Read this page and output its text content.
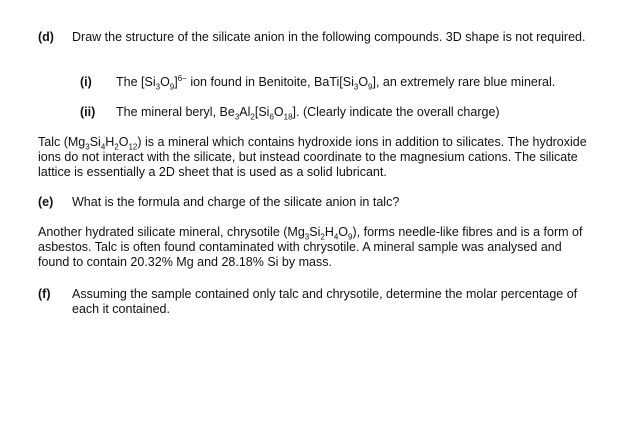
(d)	Draw the structure of the silicate anion in the following compounds. 3D shape is not required.
(i)	The $[Si_3O_9]^{6-}$ ion found in Benitoite, $BaTi[Si_3O_9]$, an extremely rare blue mineral.
(ii)	The mineral beryl, $Be_3Al_2[Si_6O_{18}]$. (Clearly indicate the overall charge)
Talc $(Mg_3Si_4H_2O_{12})$ is a mineral which contains hydroxide ions in addition to silicates. The hydroxide ions do not interact with the silicate, but instead coordinate to the magnesium cations. The silicate lattice is essentially a 2D sheet that is used as a solid lubricant.
(e)	What is the formula and charge of the silicate anion in talc?
Another hydrated silicate mineral, chrysotile $(Mg_3Si_2H_4O_9)$, forms needle-like fibres and is a form of asbestos. Talc is often found contaminated with chrysotile. A mineral sample was analysed and found to contain 20.32% Mg and 28.18% Si by mass.
(f)	Assuming the sample contained only talc and chrysotile, determine the molar percentage of each it contained.
